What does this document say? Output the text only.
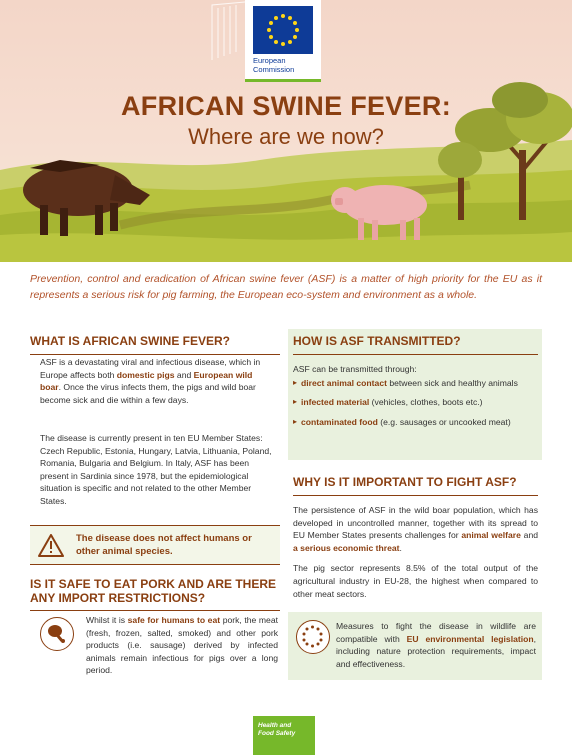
European
Commission
AFRICAN SWINE FEVER:
Where are we now?
Prevention, control and eradication of African swine fever (ASF) is a matter of high priority for the EU as it represents a serious risk for pig farming, the European eco-system and environment as a whole.
WHAT IS AFRICAN SWINE FEVER?
ASF is a devastating viral and infectious disease, which in Europe affects both domestic pigs and European wild boar. Once the virus infects them, the pigs and wild boar become sick and die within a few days.
The disease is currently present in ten EU Member States: Czech Republic, Estonia, Hungary, Latvia, Lithuania, Poland, Romania, Bulgaria and Belgium. In Italy, ASF has been present in Sardinia since 1978, but the epidemiological situation is specific and not related to the other Member States.
The disease does not affect humans or other animal species.
IS IT SAFE TO EAT PORK AND ARE THERE ANY IMPORT RESTRICTIONS?
Whilst it is safe for humans to eat pork, the meat (fresh, frozen, salted, smoked) and other pork products (i.e. sausage) derived by infected animals remain infectious for pigs over a long period.
HOW IS ASF TRANSMITTED?
ASF can be transmitted through:
▸ direct animal contact between sick and healthy animals
▸ infected material (vehicles, clothes, boots etc.)
▸ contaminated food (e.g. sausages or uncooked meat)
WHY IS IT IMPORTANT TO FIGHT ASF?
The persistence of ASF in the wild boar population, which has developed in uncontrolled manner, together with its spread to EU Member States presents challenges for animal welfare and a serious economic threat.
The pig sector represents 8.5% of the total output of the agricultural industry in EU-28, the highest when compared to other meat sectors.
Measures to fight the disease in wildlife are compatible with EU environmental legislation, including nature protection requirements, impact and effectiveness.
Health and
Food Safety
